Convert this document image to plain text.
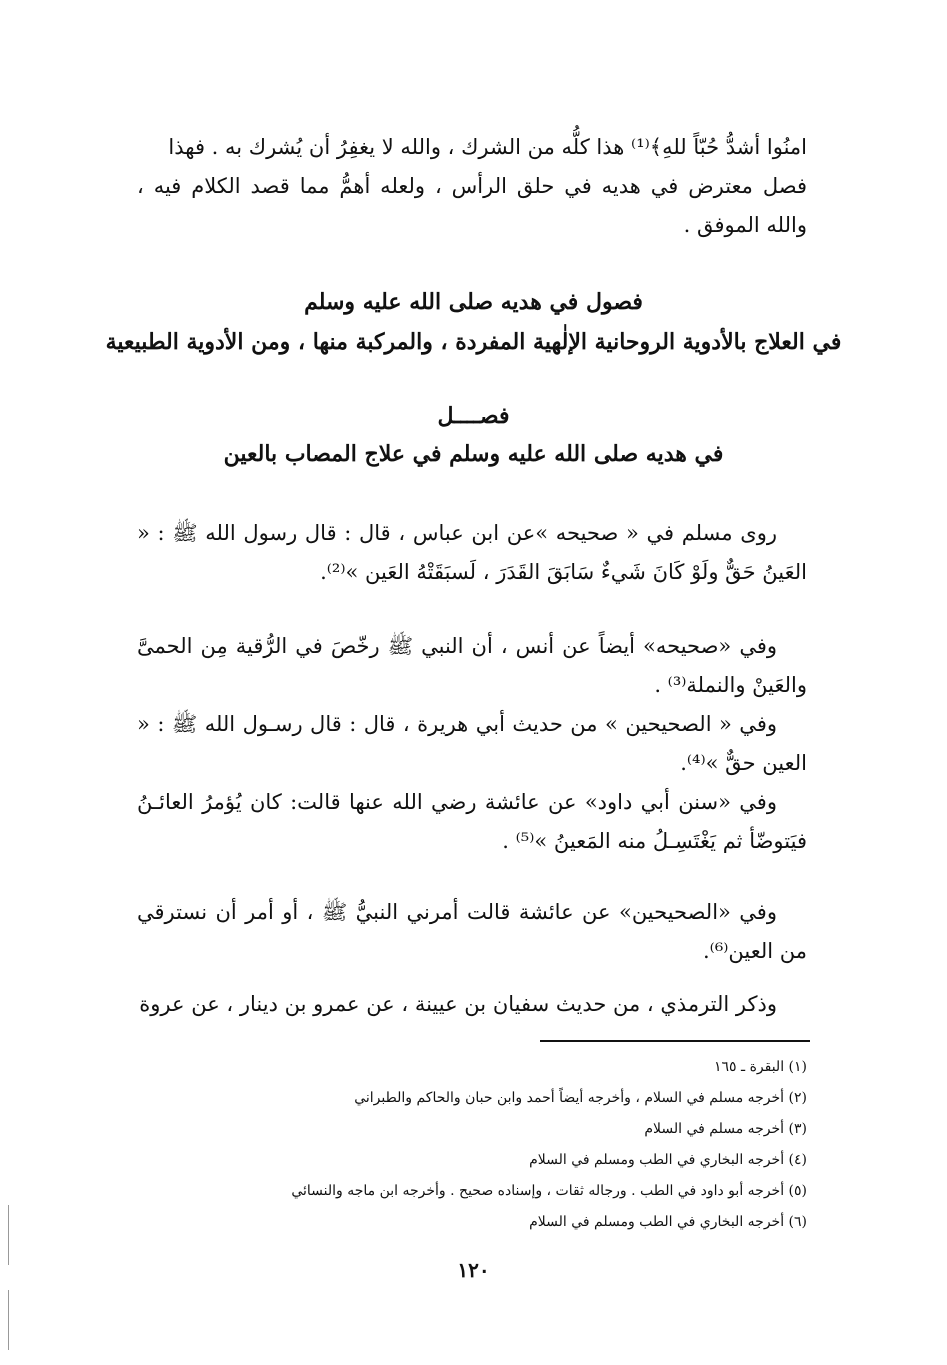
امنُوا أشدُّ حُبّاً للهِ﴾⁽¹⁾ هذا كلُّه من الشرك ، والله لا يغفِرُ أن يُشرك به . فهذا
فصل معترض في هديه في حلق الرأس ، ولعله أهمُّ مما قصد الكلام فيه ، والله الموفق .
فصول في هديه صلى الله عليه وسلم
في العلاج بالأدوية الروحانية الإلٰهية المفردة ، والمركبة منها ، ومن الأدوية الطبيعية
فصــــل
في هديه صلى الله عليه وسلم في علاج المصاب بالعين
روى مسلم في « صحيحه »عن ابن عباس ، قال : قال رسول الله ﷺ : « العَينُ حَقٌّ ولَوْ كَانَ شَيءٌ سَابَقَ القَدَرَ ، لَسبَقَتْهُ العَين »⁽²⁾.
وفي «صحيحه» أيضاً عن أنس ، أن النبي ﷺ رخّصَ في الرُّقية مِن الحمىَّ والعَينْ والنملة⁽³⁾ .
وفي « الصحيحين » من حديث أبي هريرة ، قال : قال رسـول الله ﷺ : « العين حقٌّ »⁽⁴⁾.
وفي «سنن أبي داود» عن عائشة رضي الله عنها قالت: كان يُؤمرُ العائـنُ فيَتوضّأ ثم يَغْتَسِـلُ منه المَعينُ »⁽⁵⁾ .
وفي «الصحيحين» عن عائشة قالت أمرني النبيُّ ﷺ ، أو أمر أن نسترقي من العين⁽⁶⁾.
وذكر الترمذي ، من حديث سفيان بن عيينة ، عن عمرو بن دينار ، عن عروة
(١) البقرة ـ ١٦٥
(٢) أخرجه مسلم في السلام ، وأخرجه أيضاً أحمد وابن حبان والحاكم والطبراني
(٣) أخرجه مسلم في السلام
(٤) أخرجه البخاري في الطب ومسلم في السلام
(٥) أخرجه أبو داود في الطب . ورجاله ثقات ، وإسناده صحيح . وأخرجه ابن ماجه والنسائي
(٦) أخرجه البخاري في الطب ومسلم في السلام
١٢٠
